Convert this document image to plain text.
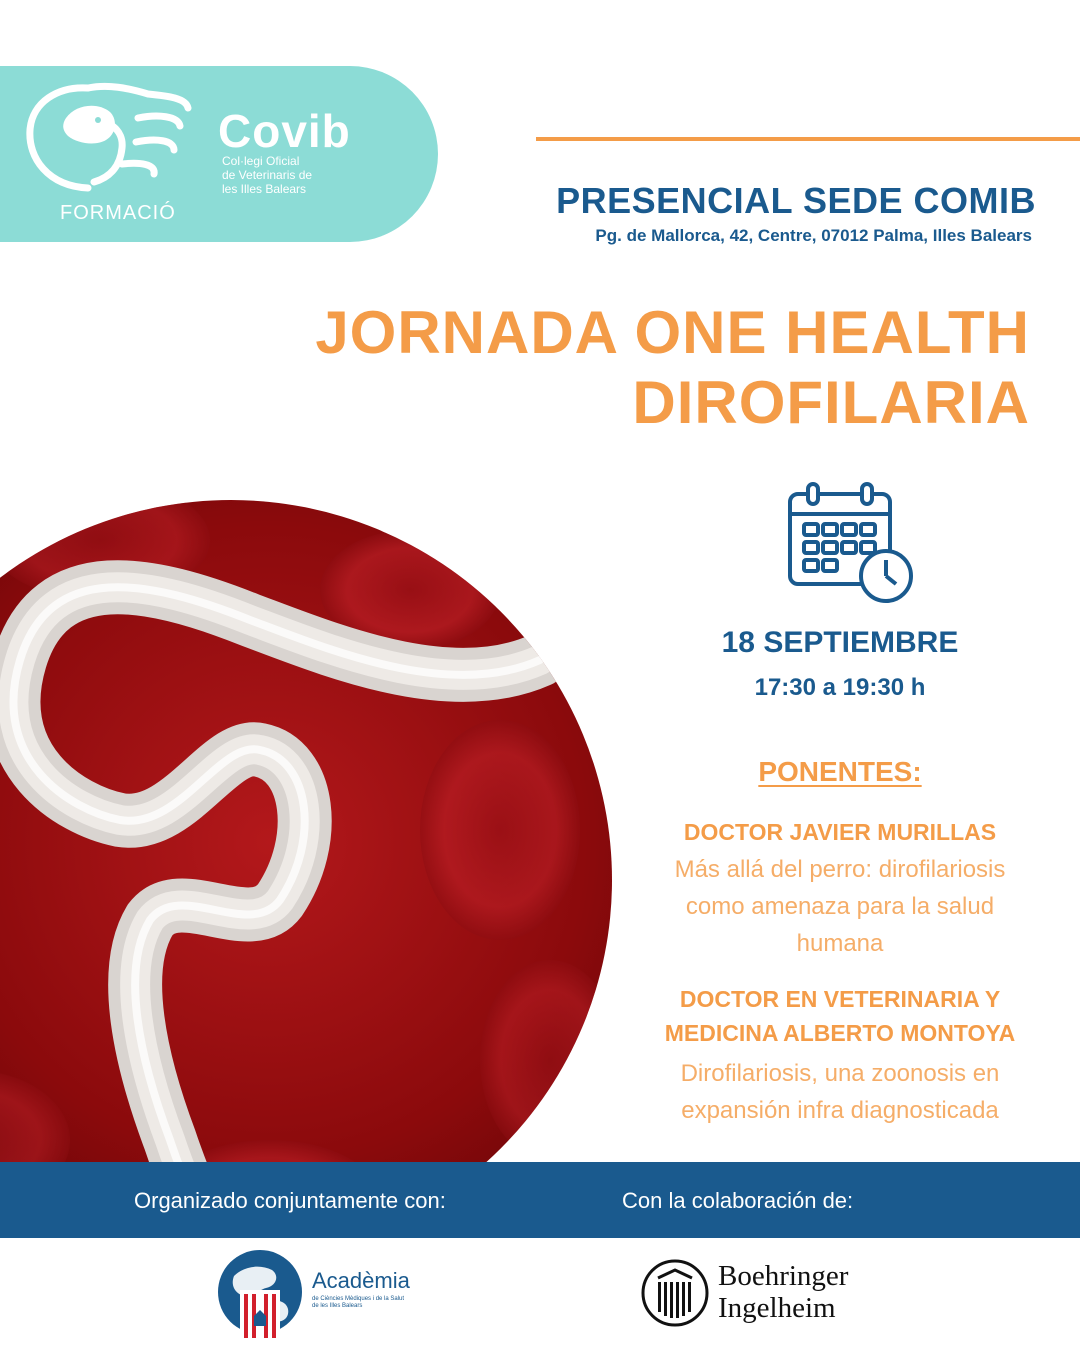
Covib
Col·legi Oficial
de Veterinaris de
les Illes Balears
FORMACIÓ	PRESENCIAL SEDE COMIB
Pg. de Mallorca, 42, Centre, 07012 Palma, Illes Balears
JORNADA ONE HEALTH
DIROFILARIA
18 SEPTIEMBRE
17:30 a 19:30 h
PONENTES:
DOCTOR JAVIER MURILLAS
Más allá del perro: dirofilariosis
como amenaza para la salud
humana
DOCTOR EN VETERINARIA Y
MEDICINA ALBERTO MONTOYA
Dirofilariosis, una zoonosis en
expansión infra diagnosticada
Organizado conjuntamente con:	Con la colaboración de:
Acadèmia
de Ciències Mèdiques i de la Salut
de les Illes Balears
Boehringer
Ingelheim
